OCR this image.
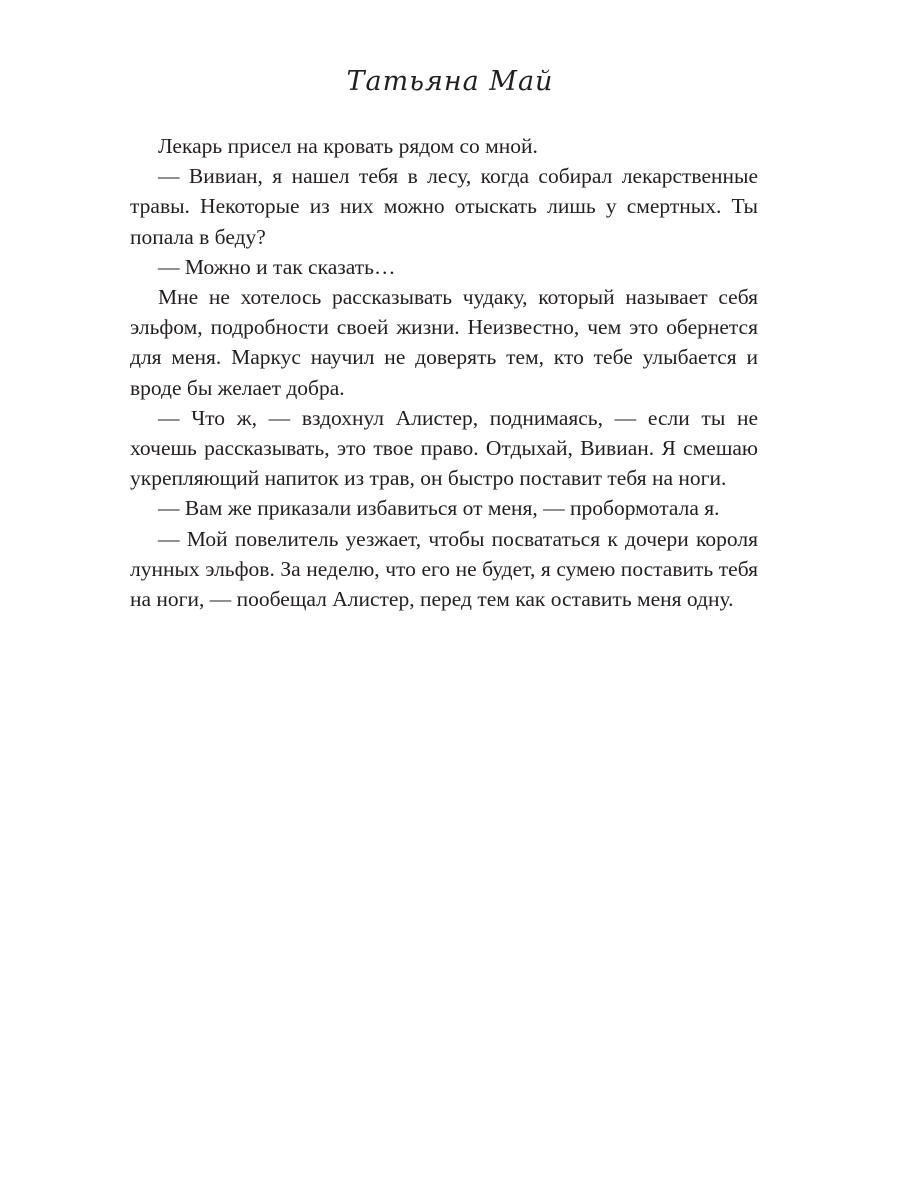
Татьяна Май

Лекарь присел на кровать рядом со мной.

— Вивиан, я нашел тебя в лесу, когда собирал лекарственные травы. Некоторые из них можно отыскать лишь у смертных. Ты попала в беду?

— Можно и так сказать…

Мне не хотелось рассказывать чудаку, который называет себя эльфом, подробности своей жизни. Неизвестно, чем это обернется для меня. Маркус научил не доверять тем, кто тебе улыбается и вроде бы желает добра.

— Что ж, — вздохнул Алистер, поднимаясь, — если ты не хочешь рассказывать, это твое право. Отдыхай, Вивиан. Я смешаю укрепляющий напиток из трав, он быстро поставит тебя на ноги.

— Вам же приказали избавиться от меня, — пробормотала я.

— Мой повелитель уезжает, чтобы посвататься к дочери короля лунных эльфов. За неделю, что его не будет, я сумею поставить тебя на ноги, — пообещал Алистер, перед тем как оставить меня одну.
